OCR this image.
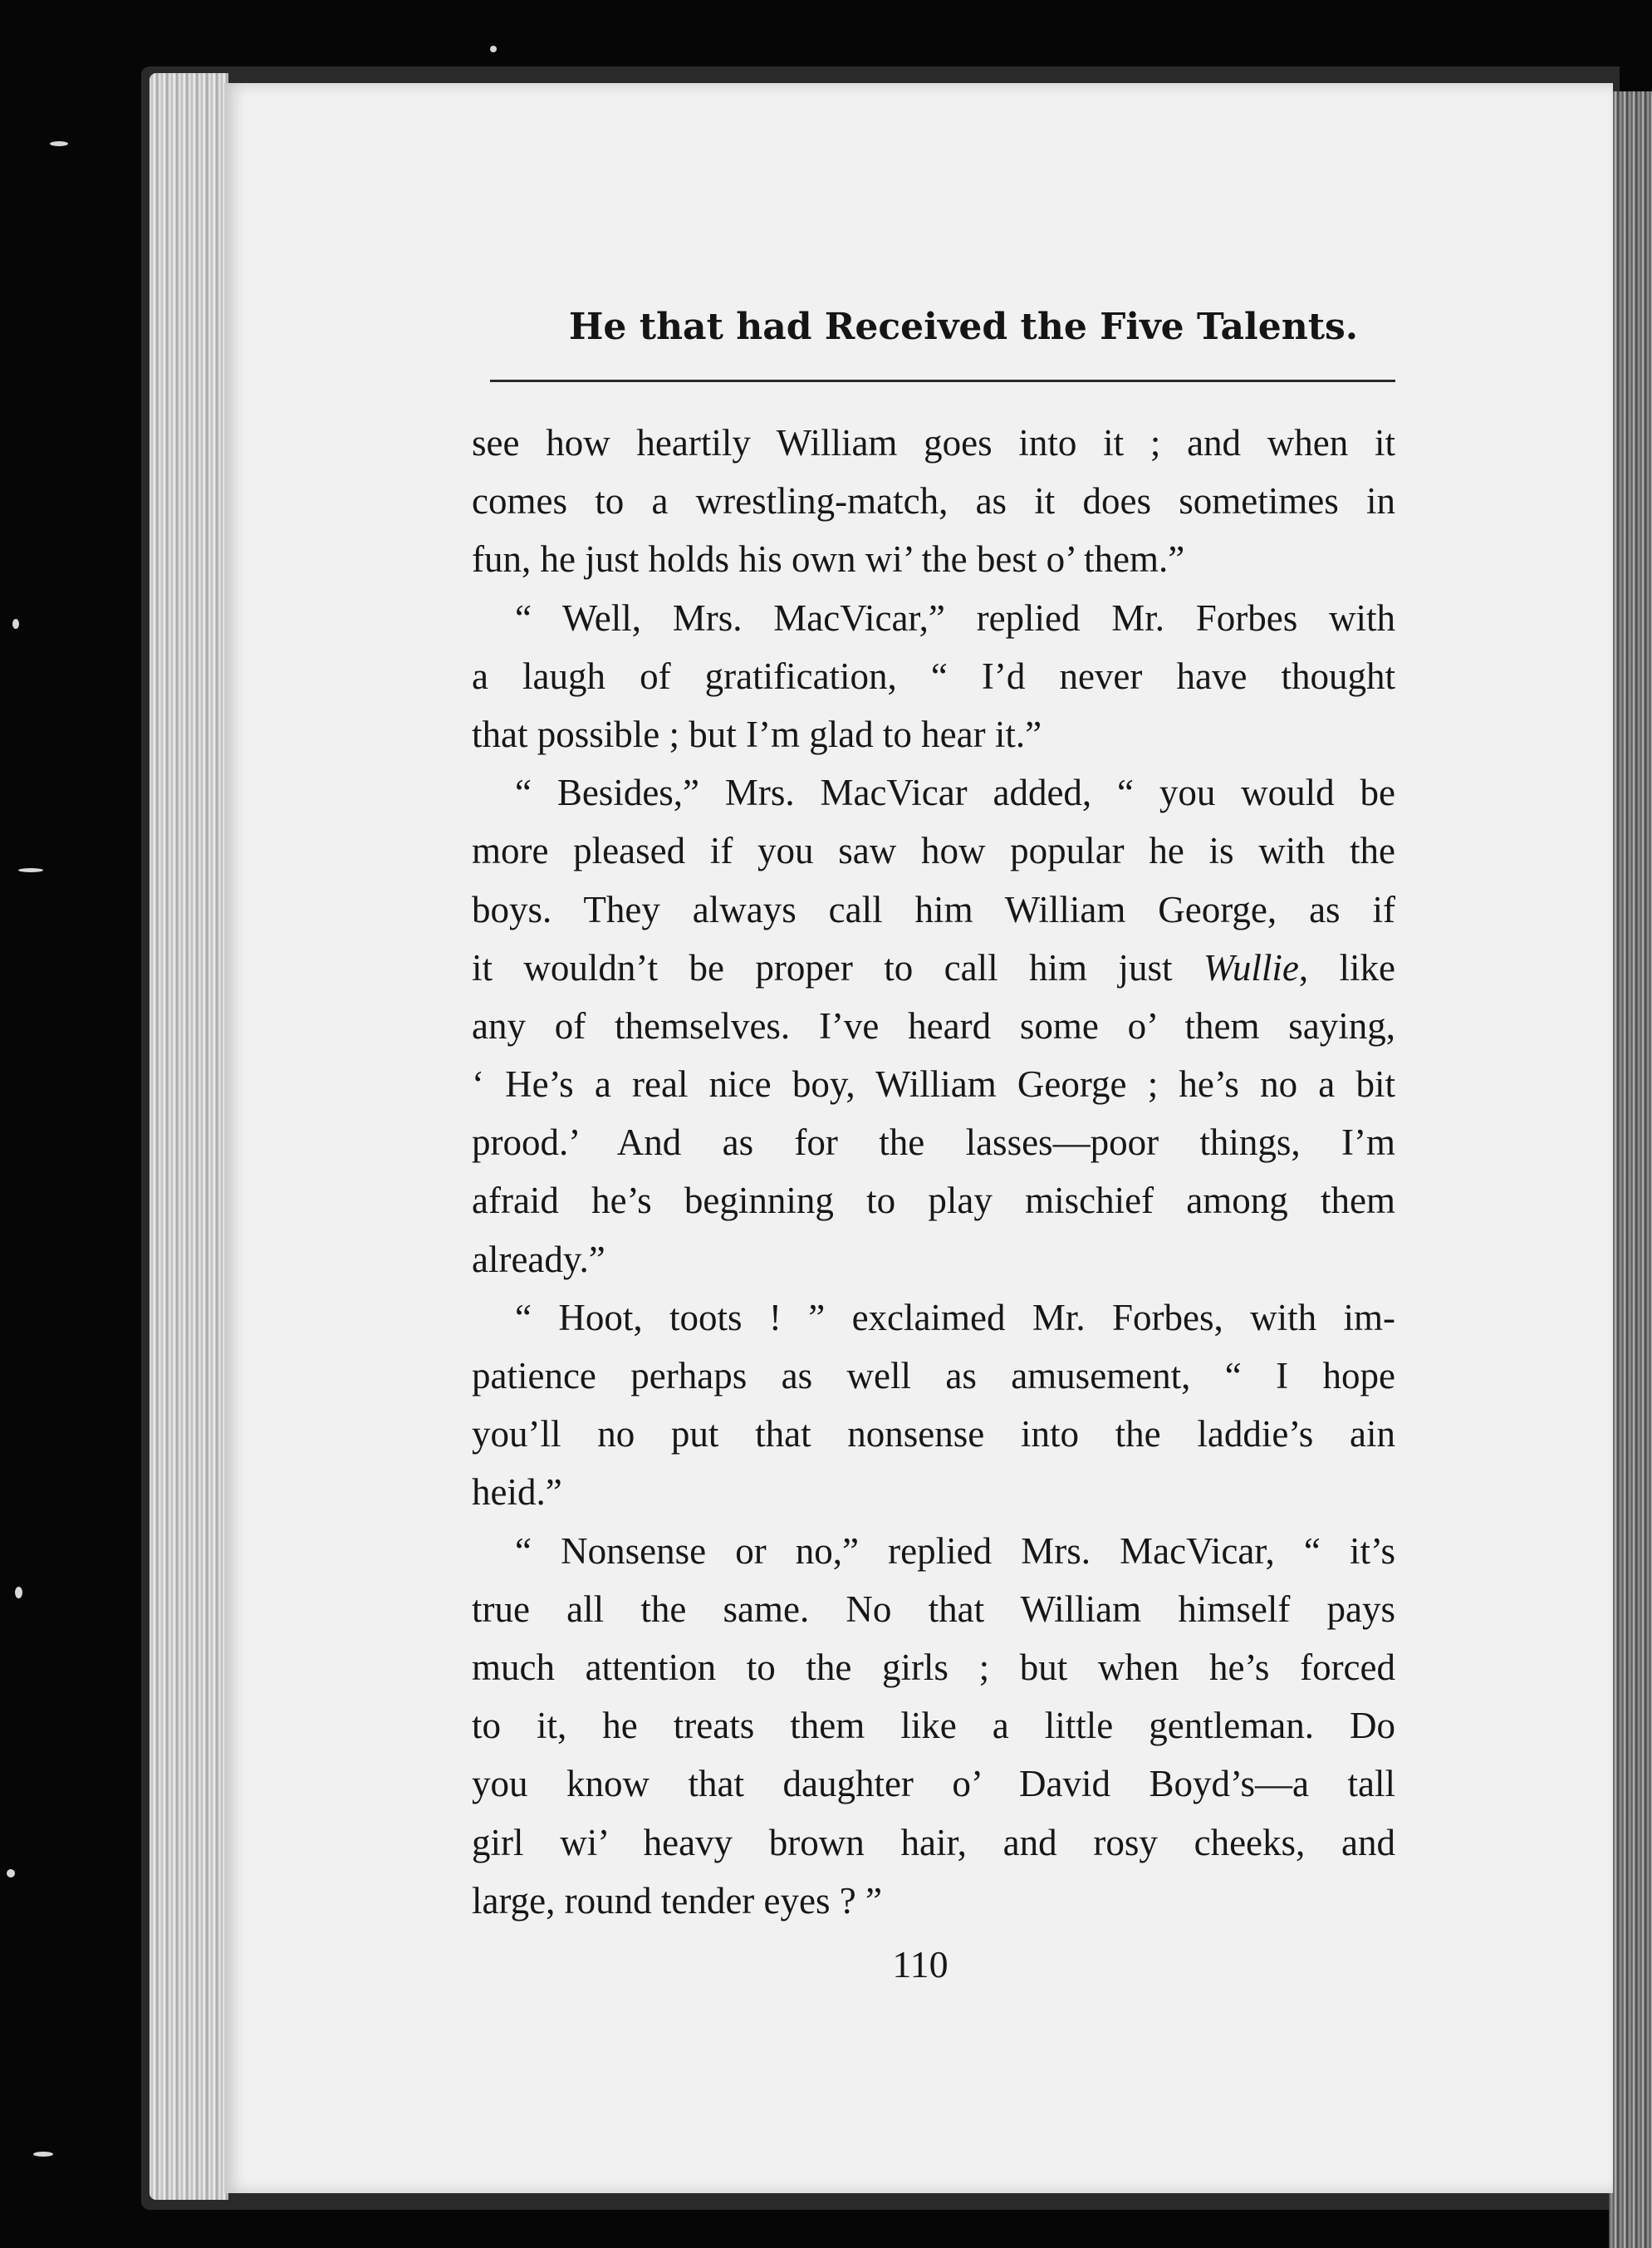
He that had Received the Five Talents.
see how heartily William goes into it ; and when it
comes to a wrestling-match, as it does sometimes in
fun, he just holds his own wi’ the best o’ them.”
“ Well, Mrs. MacVicar,” replied Mr. Forbes with
a laugh of gratification, “ I’d never have thought
that possible ; but I’m glad to hear it.”
“ Besides,” Mrs. MacVicar added, “ you would be
more pleased if you saw how popular he is with the
boys. They always call him William George, as if
it wouldn’t be proper to call him just Wullie, like
any of themselves. I’ve heard some o’ them saying,
‘ He’s a real nice boy, William George ; he’s no a bit
prood.’ And as for the lasses—poor things, I’m
afraid he’s beginning to play mischief among them
already.”
“ Hoot, toots ! ” exclaimed Mr. Forbes, with im-
patience perhaps as well as amusement, “ I hope
you’ll no put that nonsense into the laddie’s ain
heid.”
“ Nonsense or no,” replied Mrs. MacVicar, “ it’s
true all the same. No that William himself pays
much attention to the girls ; but when he’s forced
to it, he treats them like a little gentleman. Do
you know that daughter o’ David Boyd’s—a tall
girl wi’ heavy brown hair, and rosy cheeks, and
large, round tender eyes ? ”
110
